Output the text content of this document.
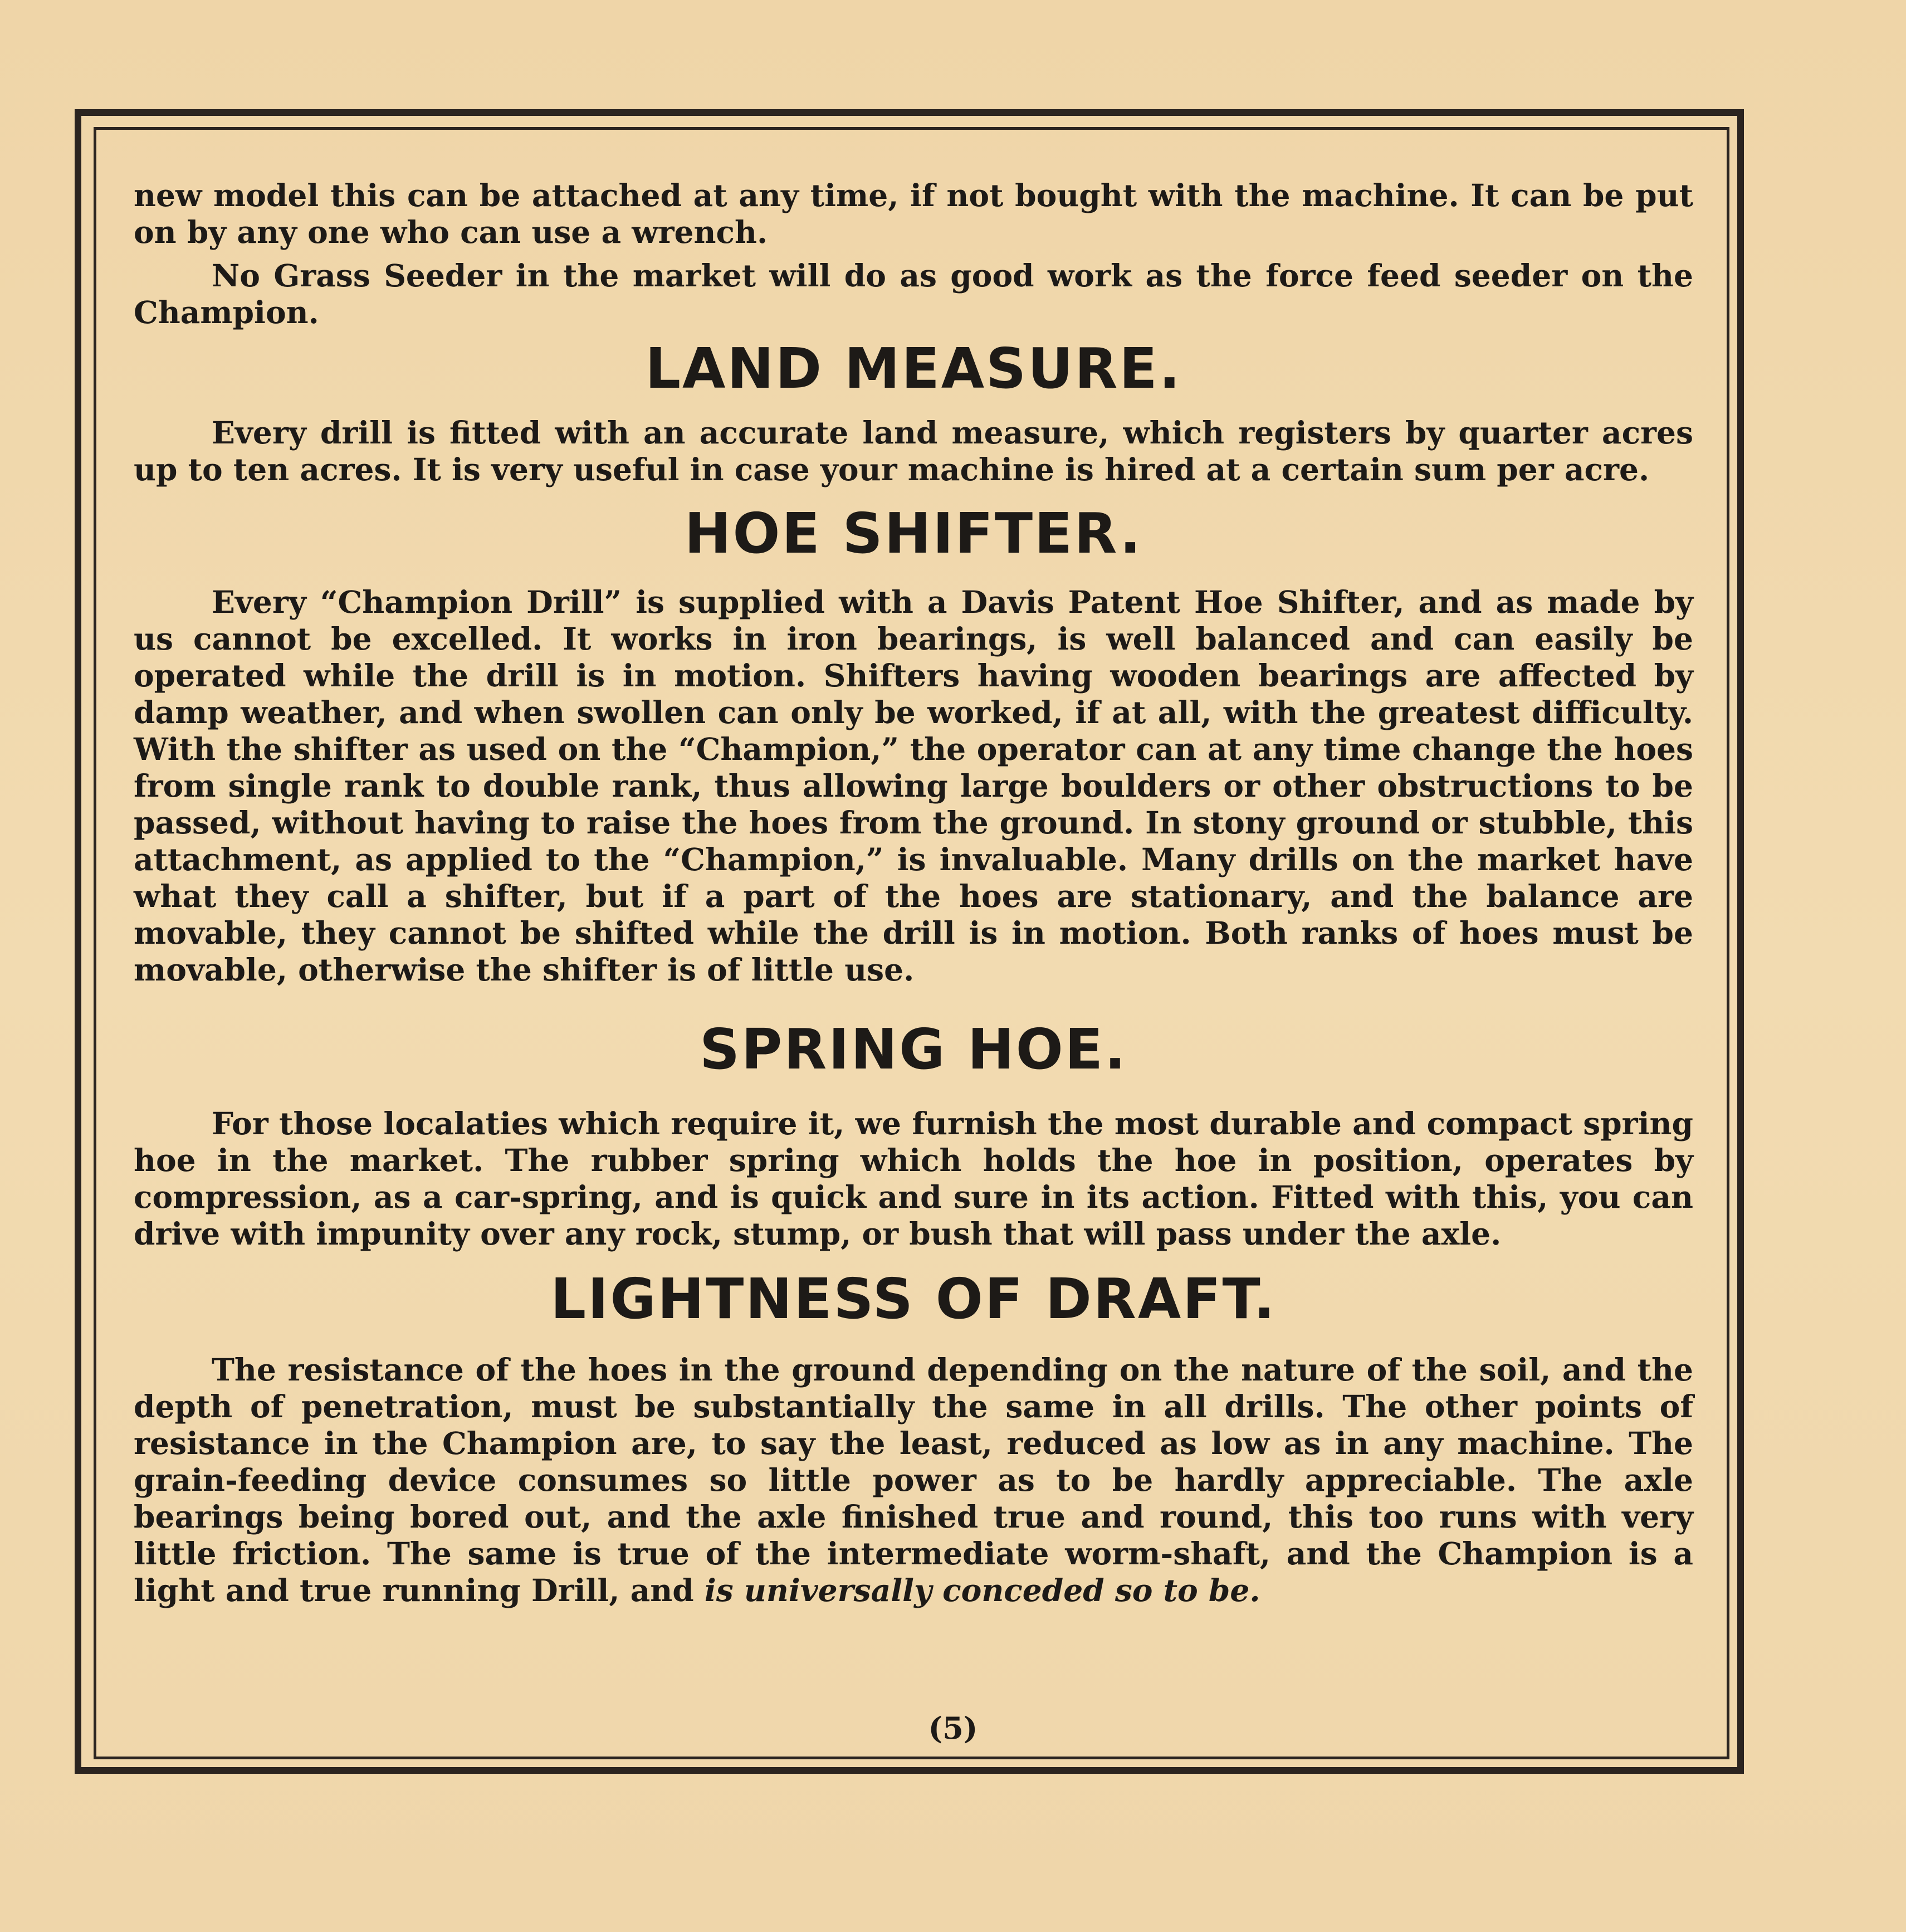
new model this can be attached at any time, if not bought with the machine. It can be put on by any one who can use a wrench.

No Grass Seeder in the market will do as good work as the force feed seeder on the Champion.

LAND MEASURE.

Every drill is fitted with an accurate land measure, which registers by quarter acres up to ten acres. It is very useful in case your machine is hired at a certain sum per acre.

HOE SHIFTER.

Every “Champion Drill” is supplied with a Davis Patent Hoe Shifter, and as made by us cannot be excelled. It works in iron bearings, is well balanced and can easily be operated while the drill is in motion. Shifters having wooden bearings are affected by damp weather, and when swollen can only be worked, if at all, with the greatest difficulty. With the shifter as used on the “Champion,” the operator can at any time change the hoes from single rank to double rank, thus allowing large boulders or other obstructions to be passed, without having to raise the hoes from the ground. In stony ground or stubble, this attachment, as applied to the “Champion,” is invaluable. Many drills on the market have what they call a shifter, but if a part of the hoes are stationary, and the balance are movable, they cannot be shifted while the drill is in motion. Both ranks of hoes must be movable, otherwise the shifter is of little use.

SPRING HOE.

For those localaties which require it, we furnish the most durable and compact spring hoe in the market. The rubber spring which holds the hoe in position, operates by compression, as a car-spring, and is quick and sure in its action. Fitted with this, you can drive with impunity over any rock, stump, or bush that will pass under the axle.

LIGHTNESS OF DRAFT.

The resistance of the hoes in the ground depending on the nature of the soil, and the depth of penetration, must be substantially the same in all drills. The other points of resistance in the Champion are, to say the least, reduced as low as in any machine. The grain-feeding device consumes so little power as to be hardly appreciable. The axle bearings being bored out, and the axle finished true and round, this too runs with very little friction. The same is true of the intermediate worm-shaft, and the Champion is a light and true running Drill, and is universally conceded so to be.

(5)
